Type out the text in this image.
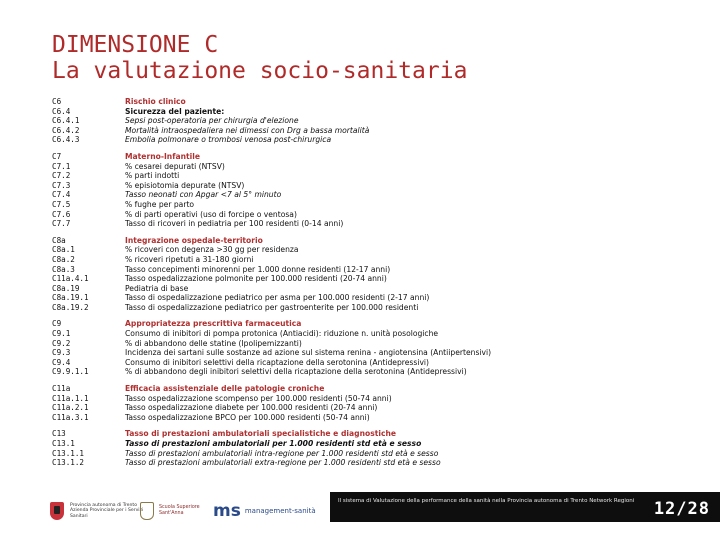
DIMENSIONE C
La valutazione socio-sanitaria
C6
C6.4
C6.4.1
C6.4.2
C6.4.3
Rischio clinico
Sicurezza del paziente:
Sepsi post-operatoria per chirurgia d'elezione
Mortalità intraospedaliera nei dimessi con Drg a bassa mortalità
Embolia polmonare o trombosi venosa post-chirurgica
C7
C7.1
C7.2
C7.3
C7.4
C7.5
C7.6
C7.7
Materno-Infantile
% cesarei depurati (NTSV)
% parti indotti
% episiotomia depurate (NTSV)
Tasso neonati con Apgar <7 al 5° minuto
% fughe per parto
% di parti operativi (uso di forcipe o ventosa)
Tasso di ricoveri in pediatria per 100 residenti (0-14 anni)
C8a
C8a.1
C8a.2
C8a.3
C11a.4.1
C8a.19
C8a.19.1
C8a.19.2
Integrazione ospedale-territorio
% ricoveri con degenza >30 gg per residenza
% ricoveri ripetuti a 31-180 giorni
Tasso concepimenti minorenni per 1.000 donne residenti (12-17 anni)
Tasso ospedalizzazione polmonite per 100.000 residenti (20-74 anni)
Pediatria di base
Tasso di ospedalizzazione pediatrico per asma per 100.000 residenti (2-17 anni)
Tasso di ospedalizzazione pediatrico per gastroenterite per 100.000 residenti
C9
C9.1
C9.2
C9.3
C9.4
C9.9.1.1
Appropriatezza prescrittiva farmaceutica
Consumo di inibitori di pompa protonica (Antiacidi): riduzione n. unità posologiche
% di abbandono delle statine (Ipolipemizzanti)
Incidenza dei sartani sulle sostanze ad azione sul sistema renina - angiotensina (Antiipertensivi)
Consumo di inibitori selettivi della ricaptazione della serotonina (Antidepressivi)
% di abbandono degli inibitori selettivi della ricaptazione della serotonina (Antidepressivi)
C11a
C11a.1.1
C11a.2.1
C11a.3.1
Efficacia assistenziale delle patologie croniche
Tasso ospedalizzazione scompenso per 100.000 residenti (50-74 anni)
Tasso ospedalizzazione diabete per 100.000 residenti (20-74 anni)
Tasso ospedalizzazione BPCO per 100.000 residenti (50-74 anni)
C13
C13.1
C13.1.1
C13.1.2
Tasso di prestazioni ambulatoriali specialistiche e diagnostiche
Tasso di prestazioni ambulatoriali per 1.000 residenti std età e sesso
Tasso di prestazioni ambulatoriali intra-regione per 1.000 residenti std età e sesso
Tasso di prestazioni ambulatoriali extra-regione per 1.000 residenti std età e sesso
Provincia autonoma di Trento Azienda Provinciale per i Servizi Sanitari
Scuola Superiore Sant'Anna	ms management-sanità
Il sistema di Valutazione della performance della sanità nella Provincia autonoma di Trento Network Regioni 12/28
